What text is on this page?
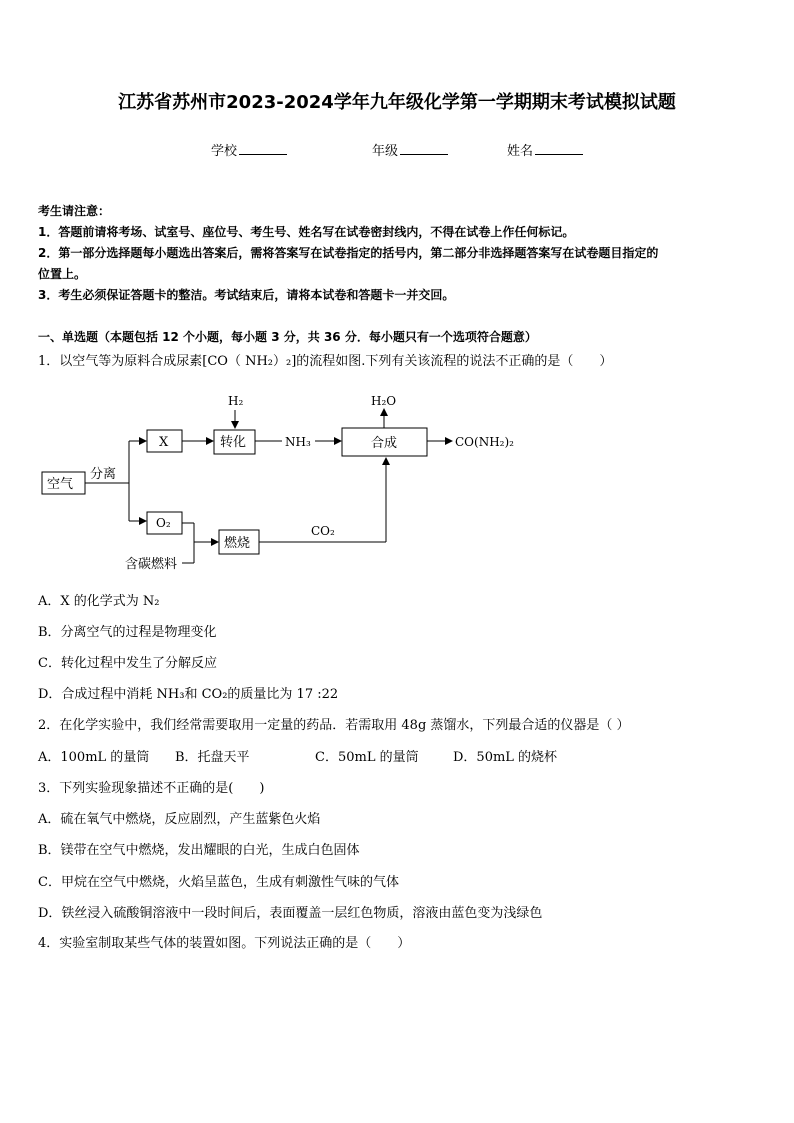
江苏省苏州市2023-2024学年九年级化学第一学期期末考试模拟试题
学校	年级	姓名
考生请注意：
1．答题前请将考场、试室号、座位号、考生号、姓名写在试卷密封线内，不得在试卷上作任何标记。
2．第一部分选择题每小题选出答案后，需将答案写在试卷指定的括号内，第二部分非选择题答案写在试卷题目指定的
位置上。
3．考生必须保证答题卡的整洁。考试结束后，请将本试卷和答题卡一并交回。
一、单选题（本题包括 12 个小题，每小题 3 分，共 36 分．每小题只有一个选项符合题意）
1．以空气等为原料合成尿素[CO（ NH₂）₂]的流程如图.下列有关该流程的说法不正确的是（　　）
空气
分离
X	转化
H₂
NH₃	合成
H₂O
CO(NH₂)₂
O₂
含碳燃料
燃烧
CO₂
A．X 的化学式为 N₂
B．分离空气的过程是物理变化
C．转化过程中发生了分解反应
D．合成过程中消耗 NH₃和 CO₂的质量比为 17 :22
2．在化学实验中，我们经常需要取用一定量的药品．若需取用 48g 蒸馏水，下列最合适的仪器是（ ）
A．100mL 的量筒 B．托盘天平	C．50mL 的量筒	D．50mL 的烧杯
3．下列实验现象描述不正确的是(　　)
A．硫在氧气中燃烧，反应剧烈，产生蓝紫色火焰
B．镁带在空气中燃烧，发出耀眼的白光，生成白色固体
C．甲烷在空气中燃烧，火焰呈蓝色，生成有刺激性气味的气体
D．铁丝浸入硫酸铜溶液中一段时间后，表面覆盖一层红色物质，溶液由蓝色变为浅绿色
4．实验室制取某些气体的装置如图。下列说法正确的是（　　）
